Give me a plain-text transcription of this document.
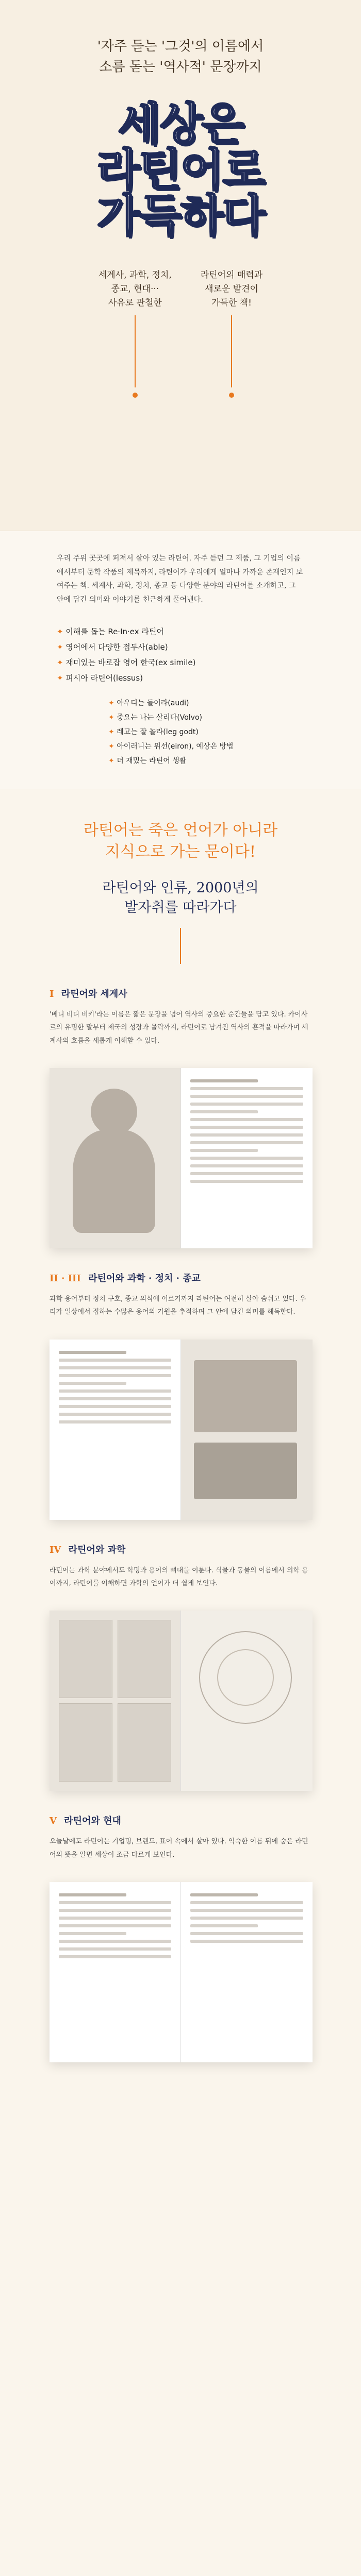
'자주 듣는 '그것'의 이름에서
소름 돋는 '역사적' 문장까지
세상은
라틴어로
가득하다
세계사, 과학, 정치,
종교, 현대···
사유로 관철한
라틴어의 매력과
새로운 발견이
가득한 책!

우리 주위 곳곳에 퍼져서 살아 있는 라틴어. 자주 듣던 그 제품, 그 기업의 이름에서부터 문학 작품의 제목까지, 라틴어가 우리에게 얼마나 가까운 존재인지 보여주는 책. 세계사, 과학, 정치, 종교 등 다양한 분야의 라틴어를 소개하고, 그 안에 담긴 의미와 이야기를 친근하게 풀어낸다.

✦ 이해를 돕는 Re·In·ex 라틴어
✦ 영어에서 다양한 접두사(able)
✦ 재미있는 바로잡 영어 한국(ex simile)
✦ 피시아 라틴어(lessus)
✦ 아우디는 들어라(audi)
✦ 중요는 나는 살리다(Volvo)
✦ 레고는 잘 놀라(leg godt)
✦ 아이러니는 위선(eiron), 예상은 방법
✦ 더 재밌는 라틴어 생활
라틴어는 죽은 언어가 아니라
지식으로 가는 문이다!
라틴어와 인류, 2000년의
발자취를 따라가다
I 라틴어와 세계사
'베니 비디 비키'라는 이름은 짧은 문장을 넘어 역사의 중요한 순간들을 담고 있다. 카이사르의 유명한 말부터 제국의 성장과 몰락까지, 라틴어로 남겨진 역사의 흔적을 따라가며 세계사의 흐름을 새롭게 이해할 수 있다.
II · III 라틴어와 과학 · 정치 · 종교
과학 용어부터 정치 구호, 종교 의식에 이르기까지 라틴어는 여전히 살아 숨쉬고 있다. 우리가 일상에서 접하는 수많은 용어의 기원을 추적하며 그 안에 담긴 의미를 해독한다.
IV 라틴어와 과학
라틴어는 과학 분야에서도 학명과 용어의 뼈대를 이룬다. 식물과 동물의 이름에서 의학 용어까지, 라틴어를 이해하면 과학의 언어가 더 쉽게 보인다.
V 라틴어와 현대
오늘날에도 라틴어는 기업명, 브랜드, 표어 속에서 살아 있다. 익숙한 이름 뒤에 숨은 라틴어의 뜻을 알면 세상이 조금 다르게 보인다.
